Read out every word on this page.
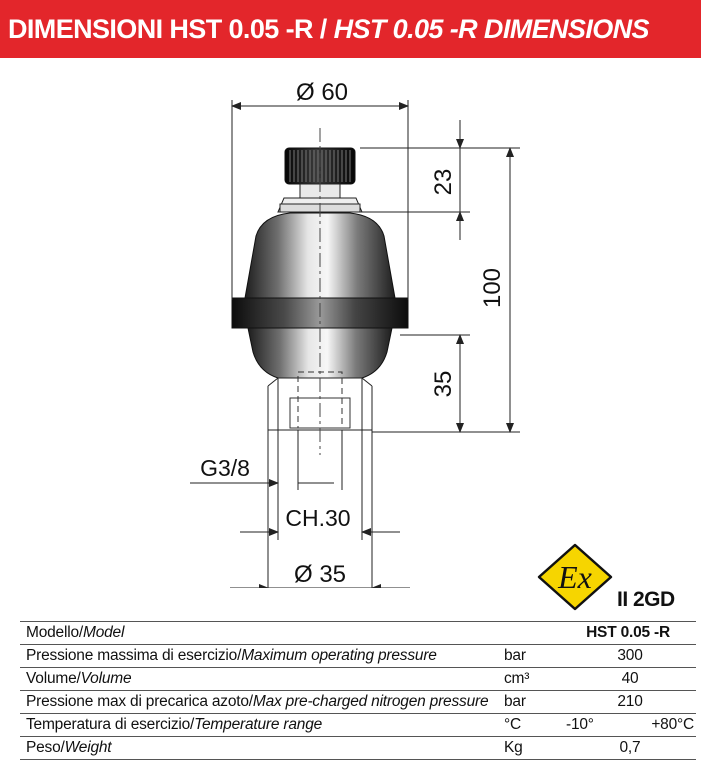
DIMENSIONI HST 0.05 -R /
HST 0.05 -R DIMENSIONS
Ø 60
23
100
35
G3/8
CH.30
Ø 35	Ex
II 2GD
Modello/Model		HST 0.05 -R
Pressione massima di esercizio/Maximum operating pressure	bar	300
Volume/Volume	cm³	40
Pressione max di precarica azoto/Max pre-charged nitrogen pressure	bar	210
Temperatura di esercizio/Temperature range	°C	-10° +80°C

Peso/Weight	Kg	0,7
